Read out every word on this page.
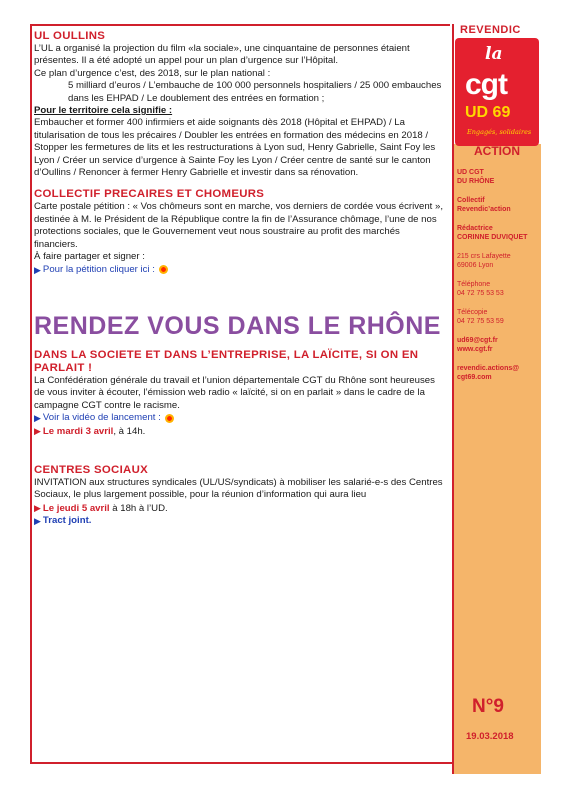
UL OULLINS

L’UL a organisé la projection du film «la sociale», une cinquantaine de personnes étaient présentes. Il a été adopté un appel pour un plan d’urgence sur l’Hôpital.

Ce plan d’urgence c’est, des 2018, sur le plan national :

5 milliard d’euros / L’embauche de 100 000 personnels hospitaliers / 25 000 embauches dans les EHPAD / Le doublement des entrées en formation ;

Pour le territoire cela signifie :

Embaucher et former 400 infirmiers et aide soignants dès 2018 (Hôpital et EHPAD) / La titularisation de tous les précaires / Doubler les entrées en formation des médecins en 2018 / Stopper les fermetures de lits et les restructurations à Lyon sud, Henry Gabrielle, Saint Foy les Lyon / Créer un service d’urgence à Sainte Foy les Lyon / Créer centre de santé sur le canton d’Oullins / Renoncer à fermer Henry Gabrielle et investir dans sa rénovation.

COLLECTIF PRECAIRES ET CHOMEURS

Carte postale pétition : « Vos chômeurs sont en marche, vos derniers de cordée vous écrivent », destinée à M. le Président de la République contre la fin de l’Assurance chômage, l’une de nos protections sociales, que le Gouvernement veut nous soustraire au profit des marchés financiers.

À faire partager et signer :

▶ Pour la pétition cliquer ici :

RENDEZ VOUS DANS LE RHÔNE
DANS LA SOCIETE ET DANS L’ENTREPRISE, LA LAÏCITE, SI ON EN PARLAIT !

La Confédération générale du travail et l’union départementale CGT du Rhône sont heureuses de vous inviter à écouter, l’émission web radio « laïcité, si on en parlait » dans le cadre de la campagne CGT contre le racisme.

▶ Voir la vidéo de lancement :

▶ Le mardi 3 avril, à 14h.

CENTRES SOCIAUX

INVITATION aux structures syndicales (UL/US/syndicats) à mobiliser les salarié-e-s des Centres Sociaux, le plus largement possible, pour la réunion d’information qui aura lieu

▶ Le jeudi 5 avril à 18h à l’UD.

▶ Tract joint.

REVENDIC
la
cgt
UD 69
Engagés, solidaires
ACTION
UD CGT
DU RHÔNE
Collectif
Revendic’action
Rédactrice
CORINNE DUVIQUET
215 crs Lafayette
69006 Lyon
Téléphone
04 72 75 53 53
Télécopie
04 72 75 53 59
ud69@cgt.fr
www.cgt.fr
revendic.actions@
cgt69.com
N°9
19.03.2018
